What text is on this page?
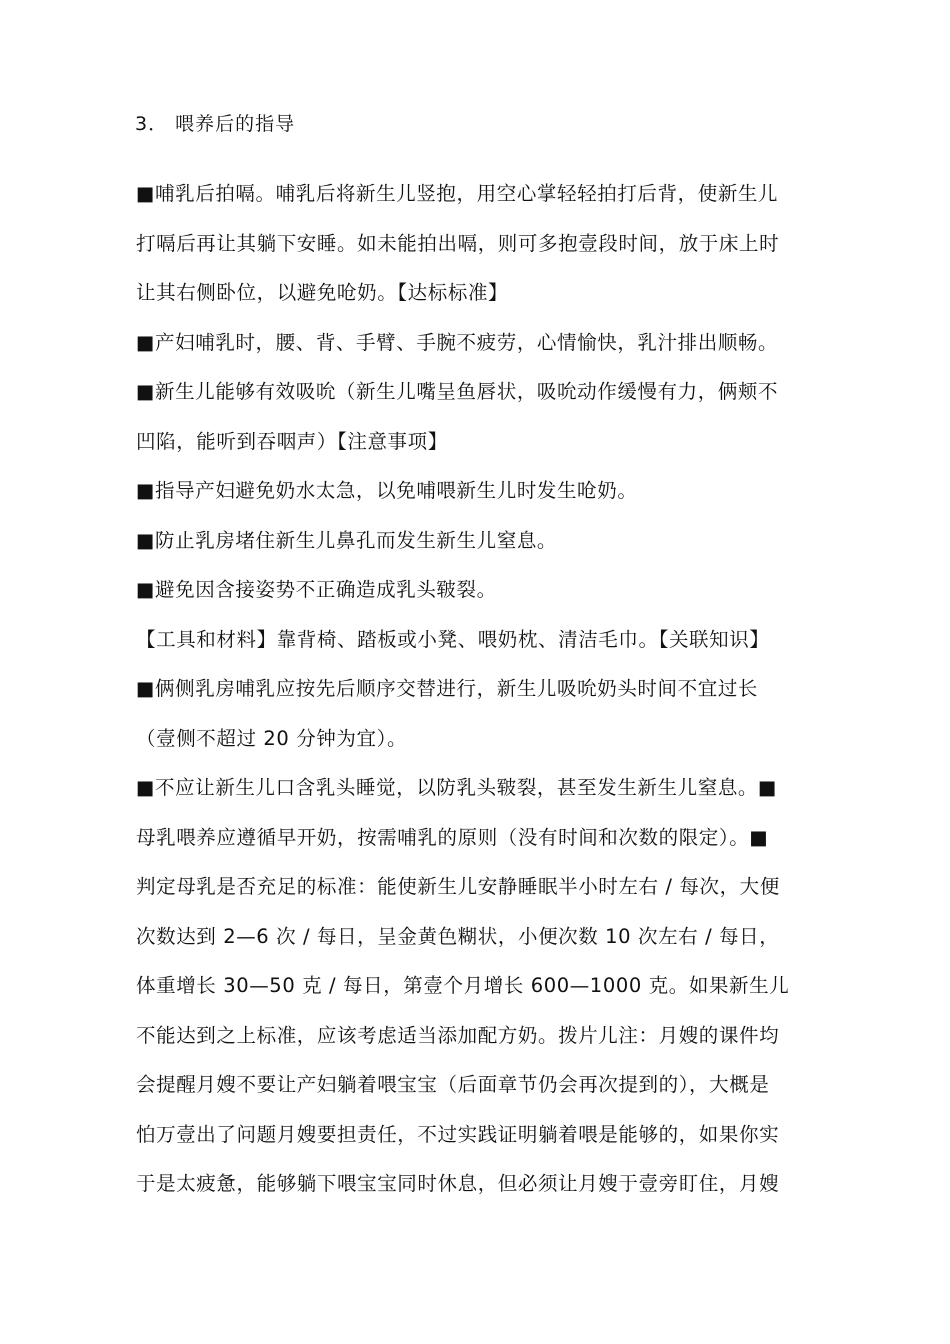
3． 喂养后的指导
■哺乳后拍嗝。哺乳后将新生儿竖抱，用空心掌轻轻拍打后背，使新生儿
打嗝后再让其躺下安睡。如未能拍出嗝，则可多抱壹段时间，放于床上时
让其右侧卧位，以避免呛奶。【达标标准】
■产妇哺乳时，腰、背、手臂、手腕不疲劳，心情愉快，乳汁排出顺畅。
■新生儿能够有效吸吮（新生儿嘴呈鱼唇状，吸吮动作缓慢有力，俩颊不
凹陷，能听到吞咽声）【注意事项】
■指导产妇避免奶水太急，以免哺喂新生儿时发生呛奶。
■防止乳房堵住新生儿鼻孔而发生新生儿窒息。
■避免因含接姿势不正确造成乳头皲裂。
【工具和材料】靠背椅、踏板或小凳、喂奶枕、清洁毛巾。【关联知识】
■俩侧乳房哺乳应按先后顺序交替进行，新生儿吸吮奶头时间不宜过长
（壹侧不超过 20 分钟为宜）。
■不应让新生儿口含乳头睡觉，以防乳头皲裂，甚至发生新生儿窒息。■
母乳喂养应遵循早开奶，按需哺乳的原则（没有时间和次数的限定）。■
判定母乳是否充足的标准：能使新生儿安静睡眠半小时左右 / 每次，大便
次数达到 2—6 次 / 每日，呈金黄色糊状，小便次数 10 次左右 / 每日，
体重增长 30—50 克 / 每日，第壹个月增长 600—1000 克。如果新生儿
不能达到之上标准，应该考虑适当添加配方奶。拨片儿注：月嫂的课件均
会提醒月嫂不要让产妇躺着喂宝宝（后面章节仍会再次提到的），大概是
怕万壹出了问题月嫂要担责任，不过实践证明躺着喂是能够的，如果你实
于是太疲惫，能够躺下喂宝宝同时休息，但必须让月嫂于壹旁盯住，月嫂
